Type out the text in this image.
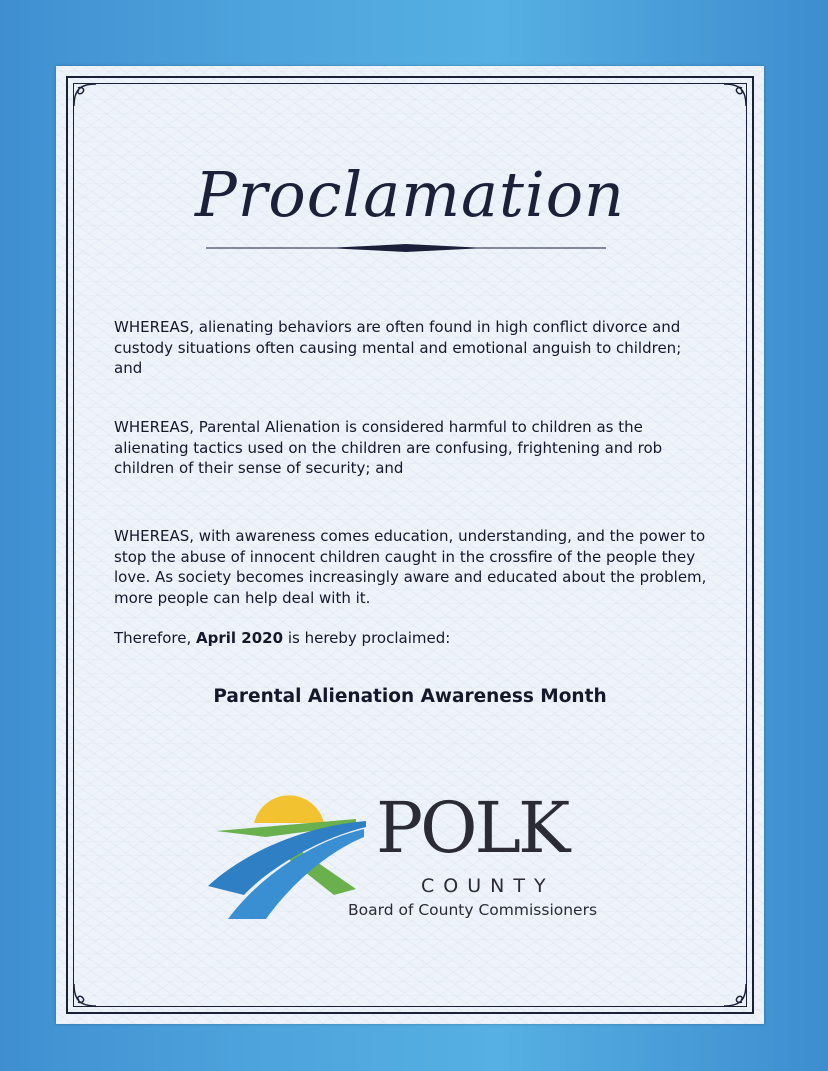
Proclamation

WHEREAS, alienating behaviors are often found in high conflict divorce and custody situations often causing mental and emotional anguish to children; and

WHEREAS, Parental Alienation is considered harmful to children as the alienating tactics used on the children are confusing, frightening and rob children of their sense of security; and

WHEREAS, with awareness comes education, understanding, and the power to stop the abuse of innocent children caught in the crossfire of the people they love. As society becomes increasingly aware and educated about the problem, more people can help deal with it.

Therefore, April 2020 is hereby proclaimed:

Parental Alienation Awareness Month
POLK
COUNTY
Board of County Commissioners
